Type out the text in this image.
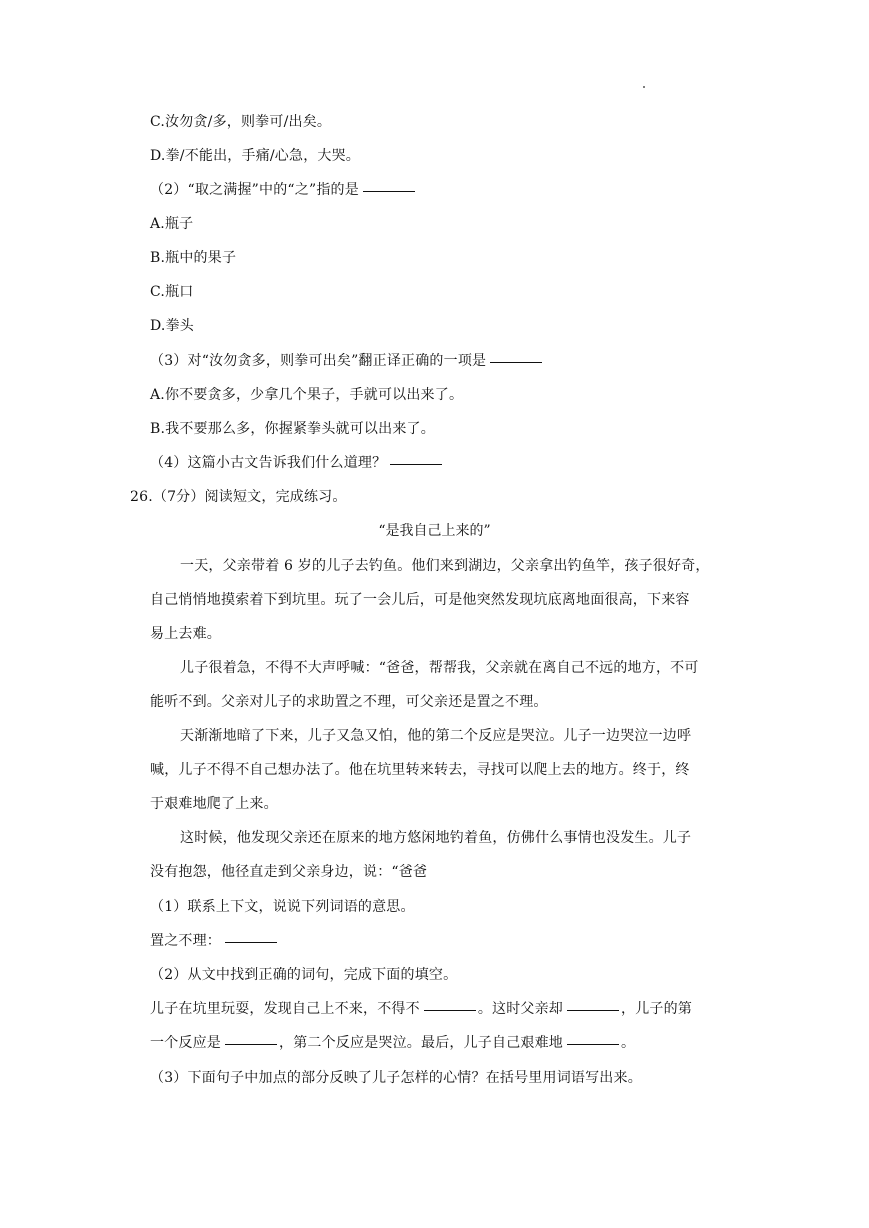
C.汝勿贪/多，则拳可/出矣。
D.拳/不能出，手痛/心急，大哭。
（2）“取之满握”中的“之”指的是
A.瓶子
B.瓶中的果子
C.瓶口
D.拳头
（3）对“汝勿贪多，则拳可出矣”翻正译正确的一项是
A.你不要贪多，少拿几个果子，手就可以出来了。
B.我不要那么多，你握紧拳头就可以出来了。
（4）这篇小古文告诉我们什么道理？
26.（7分）阅读短文，完成练习。
“是我自己上来的”
一天，父亲带着 6 岁的儿子去钓鱼。他们来到湖边，父亲拿出钓鱼竿，孩子很好奇，
自己悄悄地摸索着下到坑里。玩了一会儿后，可是他突然发现坑底离地面很高，下来容
易上去难。
儿子很着急，不得不大声呼喊：“爸爸，帮帮我，父亲就在离自己不远的地方，不可
能听不到。父亲对儿子的求助置之不理，可父亲还是置之不理。
天渐渐地暗了下来，儿子又急又怕，他的第二个反应是哭泣。儿子一边哭泣一边呼
喊，儿子不得不自己想办法了。他在坑里转来转去，寻找可以爬上去的地方。终于，终
于艰难地爬了上来。
这时候，他发现父亲还在原来的地方悠闲地钓着鱼，仿佛什么事情也没发生。儿子
没有抱怨，他径直走到父亲身边，说：“爸爸
（1）联系上下文，说说下列词语的意思。
置之不理：
（2）从文中找到正确的词句，完成下面的填空。
儿子在坑里玩耍，发现自己上不来，不得不	。这时父亲却	，儿子的第
一个反应是	，第二个反应是哭泣。最后，儿子自己艰难地	。
（3）下面句子中加点的部分反映了儿子怎样的心情？在括号里用词语写出来。
